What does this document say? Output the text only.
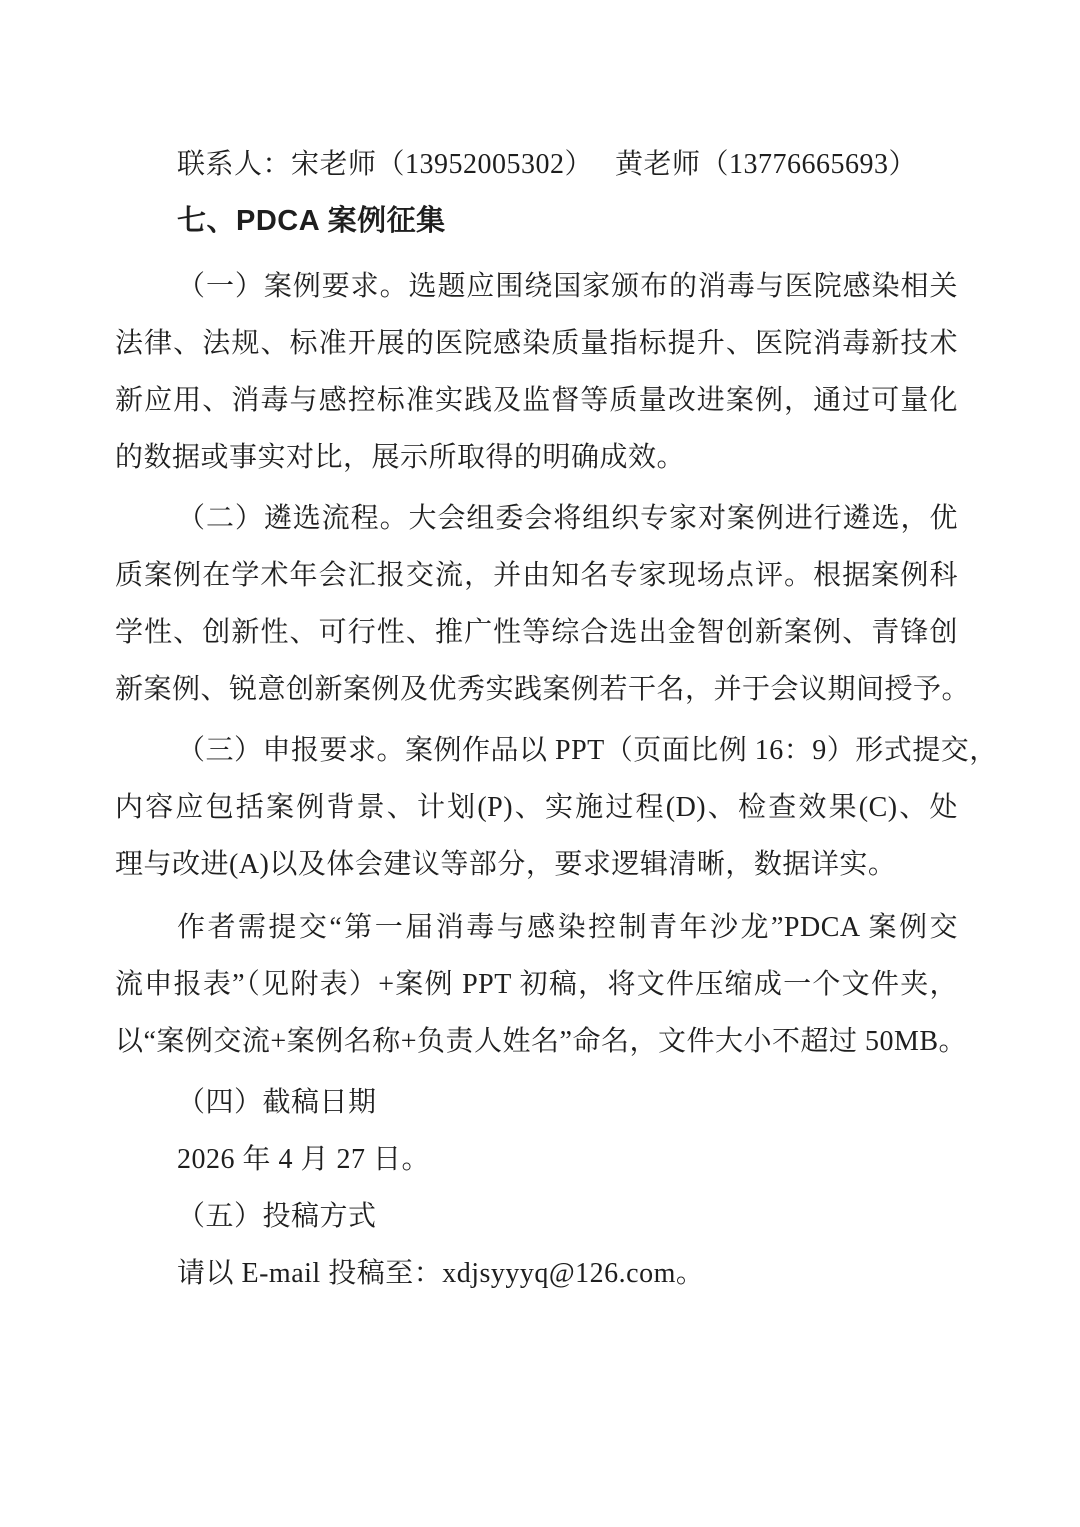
联系人：宋老师（13952005302）　 黄老师（13776665693）
七、PDCA 案例征集
（一）案例要求。选题应围绕国家颁布的消毒与医院感染相关
法律、法规、标准开展的医院感染质量指标提升、医院消毒新技术
新应用、消毒与感控标准实践及监督等质量改进案例，通过可量化
的数据或事实对比，展示所取得的明确成效。
（二）遴选流程。大会组委会将组织专家对案例进行遴选，优
质案例在学术年会汇报交流，并由知名专家现场点评。根据案例科
学性、创新性、可行性、推广性等综合选出金智创新案例、青锋创
新案例、锐意创新案例及优秀实践案例若干名，并于会议期间授予。
（三）申报要求。案例作品以 PPT（页面比例 16：9）形式提交，
内容应包括案例背景、计划(P)、实施过程(D)、检查效果(C)、处
理与改进(A)以及体会建议等部分，要求逻辑清晰，数据详实。
作者需提交“第一届消毒与感染控制青年沙龙”PDCA 案例交
流申报表”（见附表）+案例 PPT 初稿，将文件压缩成一个文件夹，
以“案例交流+案例名称+负责人姓名”命名，文件大小不超过 50MB。
（四）截稿日期
2026 年 4 月 27 日。
（五）投稿方式
请以 E-mail 投稿至：xdjsyyyq@126.com。
